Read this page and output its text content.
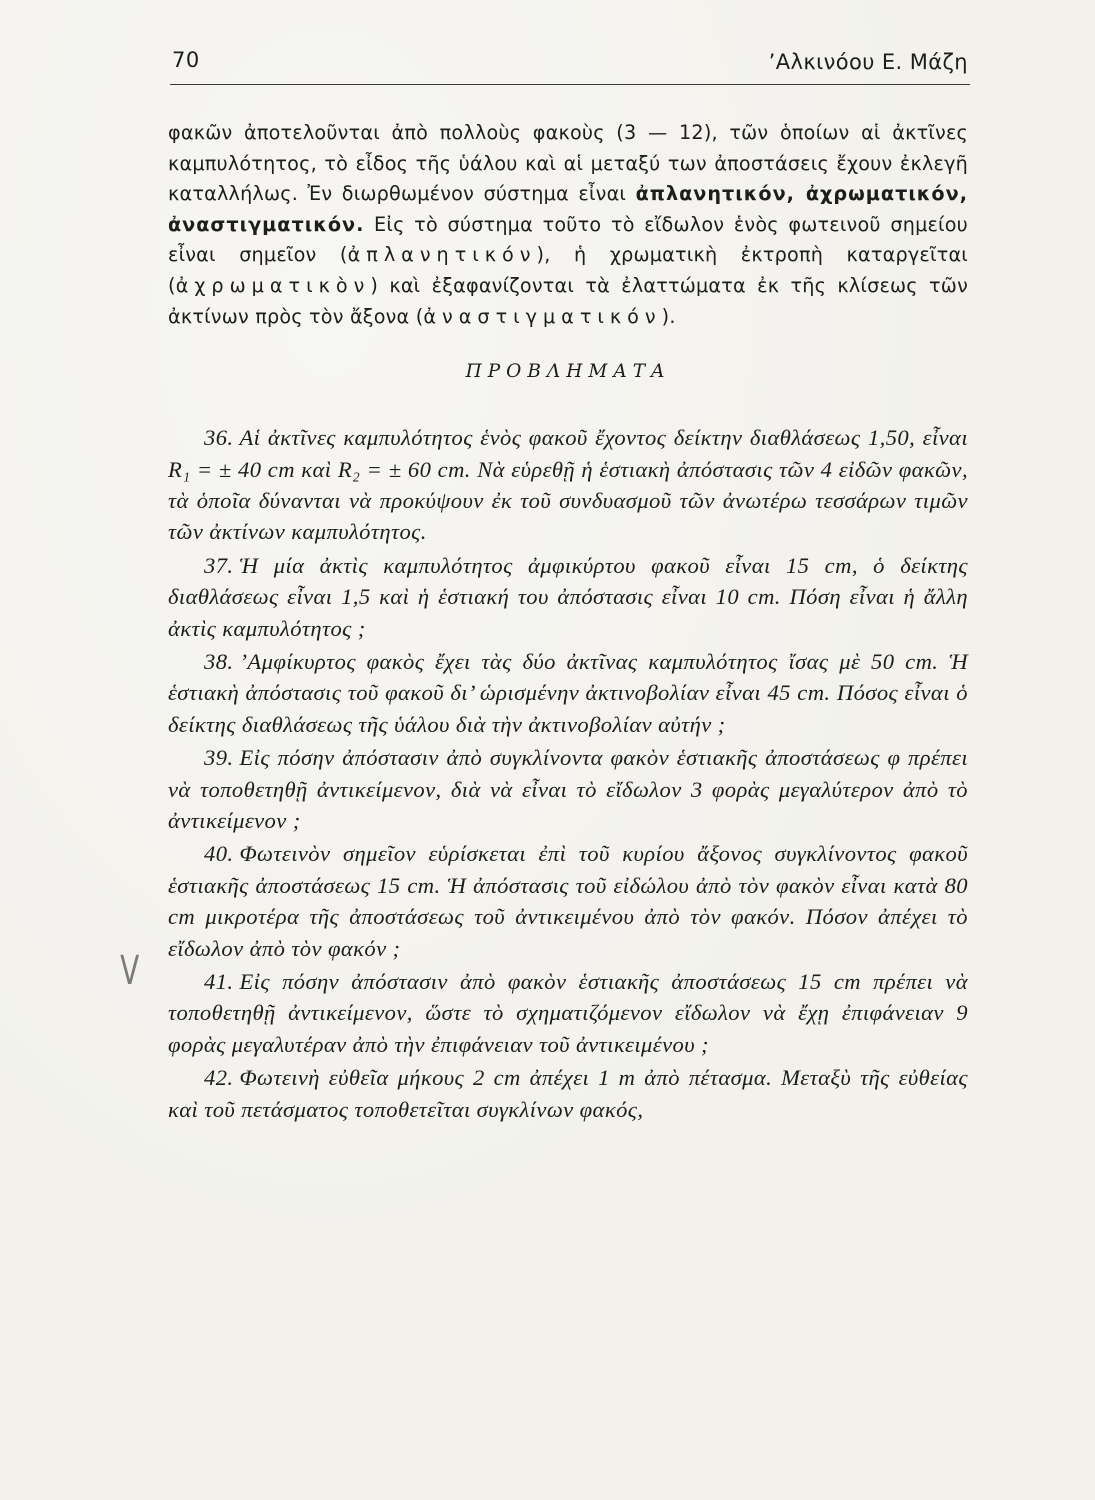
70	’Αλκινόου Ε. Μάζη
V

φακῶν ἀποτελοῦνται ἀπὸ πολλοὺς φακοὺς (3 — 12), τῶν ὁποίων αἱ ἀκτῖνες καμπυλότητος, τὸ εἶδος τῆς ὑάλου καὶ αἱ μεταξύ των ἀποστάσεις ἔχουν ἐκλεγῆ καταλλήλως. Ἐν διωρθωμένον σύστημα εἶναι ἀπλανητικόν, ἀχρωματικόν, ἀναστιγματικόν. Εἰς τὸ σύστημα τοῦτο τὸ εἴδωλον ἑνὸς φωτεινοῦ σημείου εἶναι σημεῖον (ἀπλανητικόν), ἡ χρωματικὴ ἐκτροπὴ καταργεῖται (ἀχρωματικὸν) καὶ ἐξαφανίζονται τὰ ἐλαττώματα ἐκ τῆς κλίσεως τῶν ἀκτίνων πρὸς τὸν ἄξονα (ἀναστιγματικόν).

ΠΡΟΒΛΗΜΑΤΑ

36. Αἱ ἀκτῖνες καμπυλότητος ἑνὸς φακοῦ ἔχοντος δείκτην διαθλάσεως 1,50, εἶναι R₁ = ± 40 cm καὶ R₂ = ± 60 cm. Νὰ εὑρεθῇ ἡ ἑστιακὴ ἀπόστασις τῶν 4 εἰδῶν φακῶν, τὰ ὁποῖα δύνανται νὰ προκύψουν ἐκ τοῦ συνδυασμοῦ τῶν ἀνωτέρω τεσσάρων τιμῶν τῶν ἀκτίνων καμπυλότητος.

37. Ἡ μία ἀκτὶς καμπυλότητος ἀμφικύρτου φακοῦ εἶναι 15 cm, ὁ δείκτης διαθλάσεως εἶναι 1,5 καὶ ἡ ἑστιακή του ἀπόστασις εἶναι 10 cm. Πόση εἶναι ἡ ἄλλη ἀκτὶς καμπυλότητος ;

38. ’Αμφίκυρτος φακὸς ἔχει τὰς δύο ἀκτῖνας καμπυλότητος ἴσας μὲ 50 cm. Ἡ ἑστιακὴ ἀπόστασις τοῦ φακοῦ δι’ ὡρισμένην ἀκτινοβολίαν εἶναι 45 cm. Πόσος εἶναι ὁ δείκτης διαθλάσεως τῆς ὑάλου διὰ τὴν ἀκτινοβολίαν αὐτήν ;

39. Εἰς πόσην ἀπόστασιν ἀπὸ συγκλίνοντα φακὸν ἑστιακῆς ἀποστάσεως φ πρέπει νὰ τοποθετηθῇ ἀντικείμενον, διὰ νὰ εἶναι τὸ εἴδωλον 3 φορὰς μεγαλύτερον ἀπὸ τὸ ἀντικείμενον ;

40. Φωτεινὸν σημεῖον εὑρίσκεται ἐπὶ τοῦ κυρίου ἄξονος συγκλίνοντος φακοῦ ἑστιακῆς ἀποστάσεως 15 cm. Ἡ ἀπόστασις τοῦ εἰδώλου ἀπὸ τὸν φακὸν εἶναι κατὰ 80 cm μικροτέρα τῆς ἀποστάσεως τοῦ ἀντικειμένου ἀπὸ τὸν φακόν. Πόσον ἀπέχει τὸ εἴδωλον ἀπὸ τὸν φακόν ;

41. Εἰς πόσην ἀπόστασιν ἀπὸ φακὸν ἑστιακῆς ἀποστάσεως 15 cm πρέπει νὰ τοποθετηθῇ ἀντικείμενον, ὥστε τὸ σχηματιζόμενον εἴδωλον νὰ ἔχῃ ἐπιφάνειαν 9 φορὰς μεγαλυτέραν ἀπὸ τὴν ἐπιφάνειαν τοῦ ἀντικειμένου ;

42. Φωτεινὴ εὐθεῖα μήκους 2 cm ἀπέχει 1 m ἀπὸ πέτασμα. Μεταξὺ τῆς εὐθείας καὶ τοῦ πετάσματος τοποθετεῖται συγκλίνων φακός,
